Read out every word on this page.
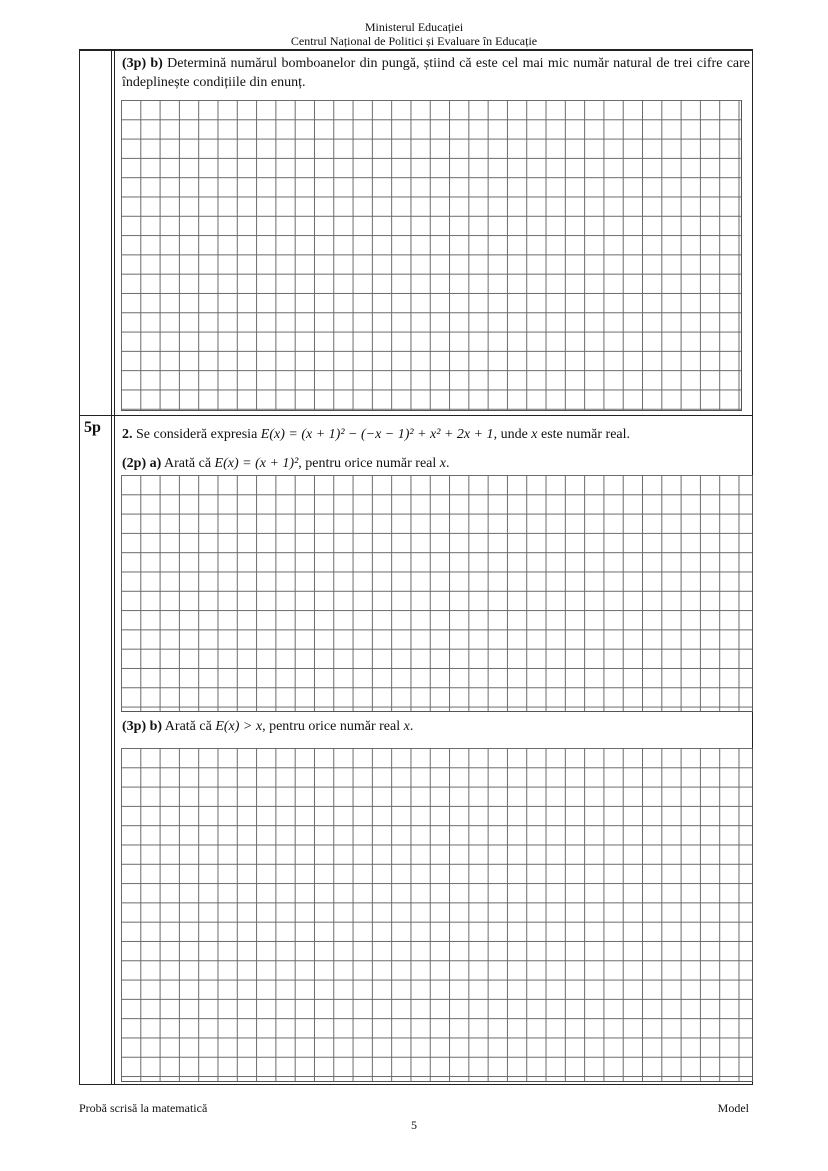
Ministerul Educației
Centrul Național de Politici și Evaluare în Educație
(3p) b) Determină numărul bomboanelor din pungă, știind că este cel mai mic număr natural de trei cifre care îndeplinește condițiile din enunț.
5p 2. Se consideră expresia E(x) = (x + 1)² − (−x − 1)² + x² + 2x + 1, unde x este număr real.
(2p) a) Arată că E(x) = (x + 1)², pentru orice număr real x.
(3p) b) Arată că E(x) > x, pentru orice număr real x.
Probă scrisă la matematică	Model
5
